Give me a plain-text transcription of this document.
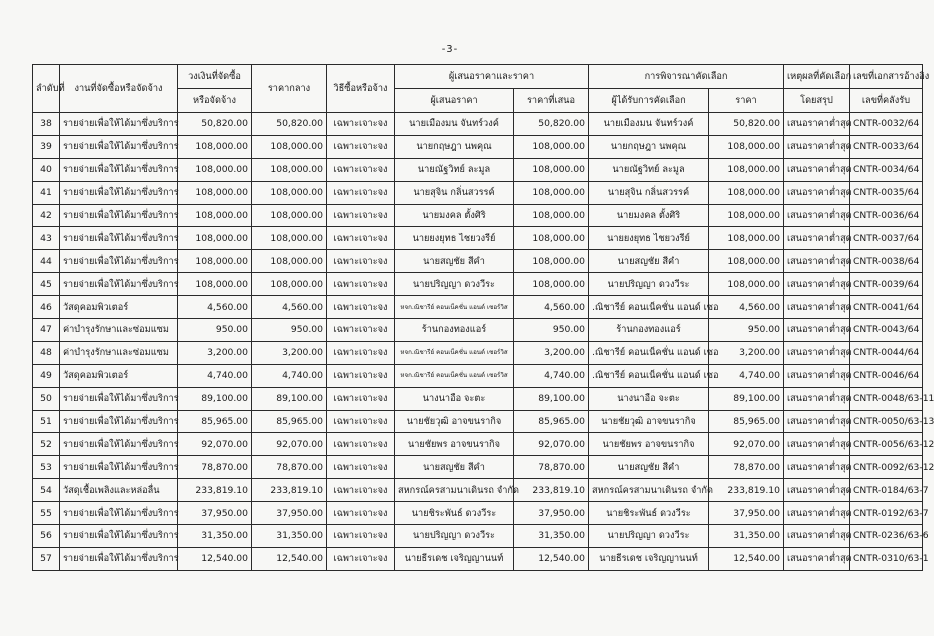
-3-
ลำดับที่	งานที่จัดซื้อหรือจัดจ้าง	วงเงินที่จัดซื้อ	ราคากลาง	วิธีซื้อหรือจ้าง	ผู้เสนอราคาและราคา		การพิจารณาคัดเลือก		เหตุผลที่คัดเลือก	เลขที่เอกสารอ้างอิง
		หรือจัดจ้าง			ผู้เสนอราคา	ราคาที่เสนอ	ผู้ได้รับการคัดเลือก	ราคา	โดยสรุป	เลขที่คลังรับ
38	รายจ่ายเพื่อให้ได้มาซึ่งบริการ	50,820.00	50,820.00	เฉพาะเจาะจง	นายเมืองมน จันทร์วงค์	50,820.00	นายเมืองมน จันทร์วงค์	50,820.00	เสนอราคาต่ำสุด	CNTR-0032/64
39	รายจ่ายเพื่อให้ได้มาซึ่งบริการ	108,000.00	108,000.00	เฉพาะเจาะจง	นายกฤษฎา นพคุณ	108,000.00	นายกฤษฎา นพคุณ	108,000.00	เสนอราคาต่ำสุด	CNTR-0033/64
40	รายจ่ายเพื่อให้ได้มาซึ่งบริการ	108,000.00	108,000.00	เฉพาะเจาะจง	นายณัฐวิทย์ ละมูล	108,000.00	นายณัฐวิทย์ ละมูล	108,000.00	เสนอราคาต่ำสุด	CNTR-0034/64
41	รายจ่ายเพื่อให้ได้มาซึ่งบริการ	108,000.00	108,000.00	เฉพาะเจาะจง	นายสุจิน กลิ่นสวรรค์	108,000.00	นายสุจิน กลิ่นสวรรค์	108,000.00	เสนอราคาต่ำสุด	CNTR-0035/64
42	รายจ่ายเพื่อให้ได้มาซึ่งบริการ	108,000.00	108,000.00	เฉพาะเจาะจง	นายมงคล ตั้งศิริ	108,000.00	นายมงคล ตั้งศิริ	108,000.00	เสนอราคาต่ำสุด	CNTR-0036/64
43	รายจ่ายเพื่อให้ได้มาซึ่งบริการ	108,000.00	108,000.00	เฉพาะเจาะจง	นายยงยุทธ ไชยวงรีย์	108,000.00	นายยงยุทธ ไชยวงรีย์	108,000.00	เสนอราคาต่ำสุด	CNTR-0037/64
44	รายจ่ายเพื่อให้ได้มาซึ่งบริการ	108,000.00	108,000.00	เฉพาะเจาะจง	นายสญชัย สีคำ	108,000.00	นายสญชัย สีคำ	108,000.00	เสนอราคาต่ำสุด	CNTR-0038/64
45	รายจ่ายเพื่อให้ได้มาซึ่งบริการ	108,000.00	108,000.00	เฉพาะเจาะจง	นายปริญญา ดวงวีระ	108,000.00	นายปริญญา ดวงวีระ	108,000.00	เสนอราคาต่ำสุด	CNTR-0039/64
46	วัสดุคอมพิวเตอร์	4,560.00	4,560.00	เฉพาะเจาะจง	หจก.ณิชารีย์ คอนเน็คชั่น แอนด์ เซอร์วิส	4,560.00	.ณิชารีย์ คอนเน็คชั่น แอนด์ เซอ	4,560.00	เสนอราคาต่ำสุด	CNTR-0041/64
47	ค่าบำรุงรักษาและซ่อมแซม	950.00	950.00	เฉพาะเจาะจง	ร้านกองทองแอร์	950.00	ร้านกองทองแอร์	950.00	เสนอราคาต่ำสุด	CNTR-0043/64
48	ค่าบำรุงรักษาและซ่อมแซม	3,200.00	3,200.00	เฉพาะเจาะจง	หจก.ณิชารีย์ คอนเน็คชั่น แอนด์ เซอร์วิส	3,200.00	.ณิชารีย์ คอนเน็คชั่น แอนด์ เซอ	3,200.00	เสนอราคาต่ำสุด	CNTR-0044/64
49	วัสดุคอมพิวเตอร์	4,740.00	4,740.00	เฉพาะเจาะจง	หจก.ณิชารีย์ คอนเน็คชั่น แอนด์ เซอร์วิส	4,740.00	.ณิชารีย์ คอนเน็คชั่น แอนด์ เซอ	4,740.00	เสนอราคาต่ำสุด	CNTR-0046/64
50	รายจ่ายเพื่อให้ได้มาซึ่งบริการ	89,100.00	89,100.00	เฉพาะเจาะจง	นางนาอือ จะตะ	89,100.00	นางนาอือ จะตะ	89,100.00	เสนอราคาต่ำสุด	CNTR-0048/63-11
51	รายจ่ายเพื่อให้ได้มาซึ่งบริการ	85,965.00	85,965.00	เฉพาะเจาะจง	นายชัยวุฒิ อาจขนรากิจ	85,965.00	นายชัยวุฒิ อาจขนรากิจ	85,965.00	เสนอราคาต่ำสุด	CNTR-0050/63-13
52	รายจ่ายเพื่อให้ได้มาซึ่งบริการ	92,070.00	92,070.00	เฉพาะเจาะจง	นายชัยพร อาจขนรากิจ	92,070.00	นายชัยพร อาจขนรากิจ	92,070.00	เสนอราคาต่ำสุด	CNTR-0056/63-12
53	รายจ่ายเพื่อให้ได้มาซึ่งบริการ	78,870.00	78,870.00	เฉพาะเจาะจง	นายสญชัย สีคำ	78,870.00	นายสญชัย สีคำ	78,870.00	เสนอราคาต่ำสุด	CNTR-0092/63-12
54	วัสดุเชื้อเพลิงและหล่อลื่น	233,819.10	233,819.10	เฉพาะเจาะจง	สหกรณ์ครสามนาเดินรถ จำกัด	233,819.10	สหกรณ์ครสามนาเดินรถ จำกัด	233,819.10	เสนอราคาต่ำสุด	CNTR-0184/63-7
55	รายจ่ายเพื่อให้ได้มาซึ่งบริการ	37,950.00	37,950.00	เฉพาะเจาะจง	นายชิระพันธ์ ดวงวีระ	37,950.00	นายชิระพันธ์ ดวงวีระ	37,950.00	เสนอราคาต่ำสุด	CNTR-0192/63-7
56	รายจ่ายเพื่อให้ได้มาซึ่งบริการ	31,350.00	31,350.00	เฉพาะเจาะจง	นายปริญญา ดวงวีระ	31,350.00	นายปริญญา ดวงวีระ	31,350.00	เสนอราคาต่ำสุด	CNTR-0236/63-6
57	รายจ่ายเพื่อให้ได้มาซึ่งบริการ	12,540.00	12,540.00	เฉพาะเจาะจง	นายธีรเดช เจริญญานนท์	12,540.00	นายธีรเดช เจริญญานนท์	12,540.00	เสนอราคาต่ำสุด	CNTR-0310/63-1
